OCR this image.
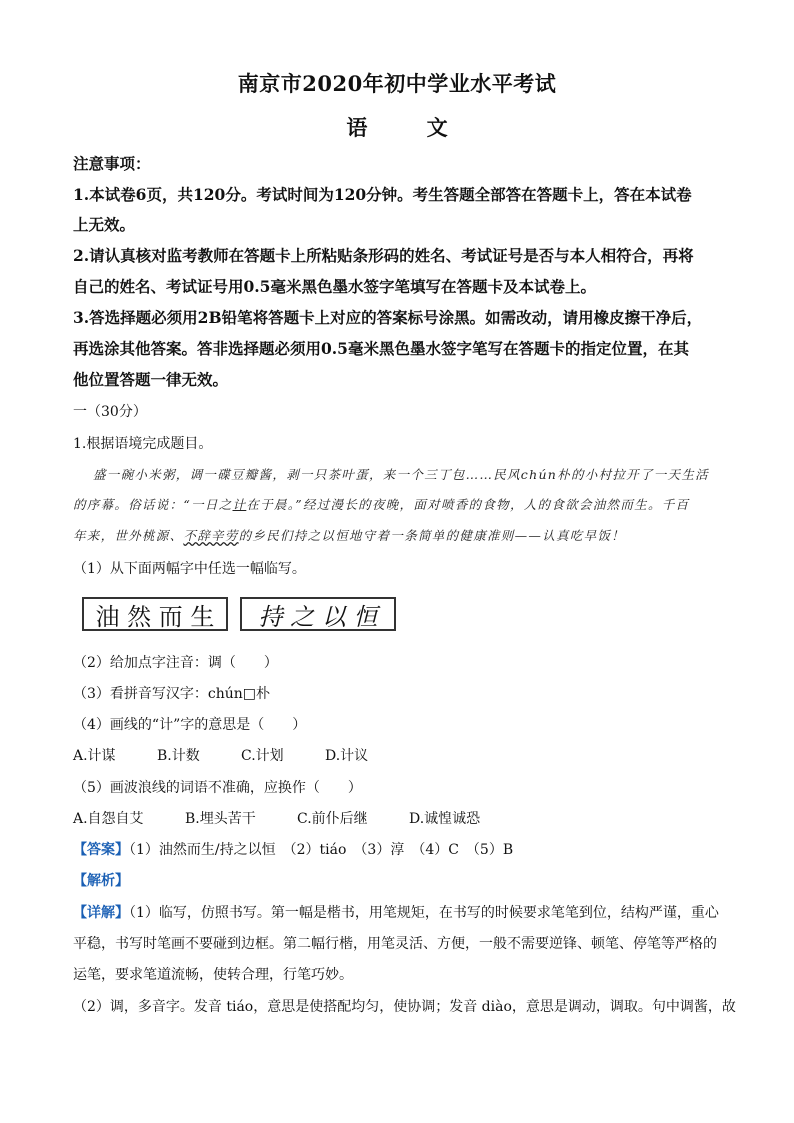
南京市2020年初中学业水平考试
语 文
注意事项：
1.本试卷6页，共120分。考试时间为120分钟。考生答题全部答在答题卡上，答在本试卷
上无效。
2.请认真核对监考教师在答题卡上所粘贴条形码的姓名、考试证号是否与本人相符合，再将
自己的姓名、考试证号用0.5毫米黑色墨水签字笔填写在答题卡及本试卷上。
3.答选择题必须用2B铅笔将答题卡上对应的答案标号涂黑。如需改动，请用橡皮擦干净后，
再选涂其他答案。答非选择题必须用0.5毫米黑色墨水签字笔写在答题卡的指定位置，在其
他位置答题一律无效。
一（30分）
1.根据语境完成题目。
盛一碗小米粥，调一碟豆瓣酱，剥一只茶叶蛋，来一个三丁包……民风chún朴的小村拉开了一天生活
的序幕。俗话说：“一日之计在于晨。”经过漫长的夜晚，面对喷香的食物，人的食欲会油然而生。千百
年来，世外桃源、不辞辛劳的乡民们持之以恒地守着一条简单的健康准则——认真吃早饭！
（1）从下面两幅字中任选一幅临写。
油 然 而 生	持 之 以 恒
（2）给加点字注音：调（　　）
（3）看拼音写汉字：chún□朴
（4）画线的“计”字的意思是（　　）
A.计谋	B.计数	C.计划	D.计议
（5）画波浪线的词语不准确，应换作（　　）
A.自怨自艾	B.埋头苦干	C.前仆后继	D.诚惶诚恐
【答案】（1）油然而生/持之以恒　（2）tiáo　（3）淳　（4）C　（5）B
【解析】
【详解】（1）临写，仿照书写。第一幅是楷书，用笔规矩，在书写的时候要求笔笔到位，结构严谨，重心
平稳，书写时笔画不要碰到边框。第二幅行楷，用笔灵活、方便，一般不需要逆锋、顿笔、停笔等严格的
运笔，要求笔道流畅，使转合理，行笔巧妙。
（2）调，多音字。发音 tiáo，意思是使搭配均匀，使协调；发音 diào，意思是调动，调取。句中调酱，故
